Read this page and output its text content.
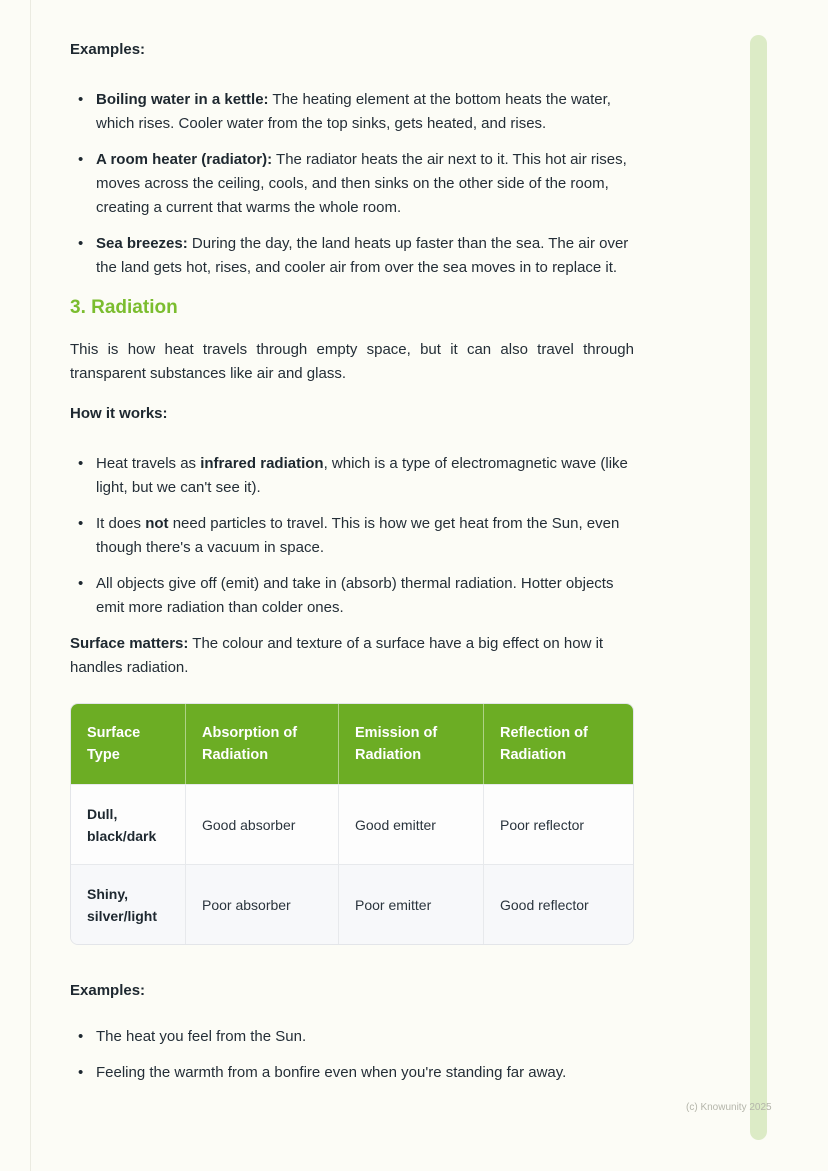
Examples:

• Boiling water in a kettle: The heating element at the bottom heats the water, which rises. Cooler water from the top sinks, gets heated, and rises.
• A room heater (radiator): The radiator heats the air next to it. This hot air rises, moves across the ceiling, cools, and then sinks on the other side of the room, creating a current that warms the whole room.
• Sea breezes: During the day, the land heats up faster than the sea. The air over the land gets hot, rises, and cooler air from over the sea moves in to replace it.
3. Radiation

This is how heat travels through empty space, but it can also travel through transparent substances like air and glass.

How it works:

• Heat travels as infrared radiation, which is a type of electromagnetic wave (like light, but we can't see it).
• It does not need particles to travel. This is how we get heat from the Sun, even though there's a vacuum in space.
• All objects give off (emit) and take in (absorb) thermal radiation. Hotter objects emit more radiation than colder ones.

Surface matters: The colour and texture of a surface have a big effect on how it handles radiation.

Surface Type	Absorption of Radiation	Emission of Radiation	Reflection of Radiation
Dull, black/dark	Good absorber	Good emitter	Poor reflector
Shiny, silver/light	Poor absorber	Poor emitter	Good reflector

Examples:

• The heat you feel from the Sun.
• Feeling the warmth from a bonfire even when you're standing far away.
(c) Knowunity 2025
